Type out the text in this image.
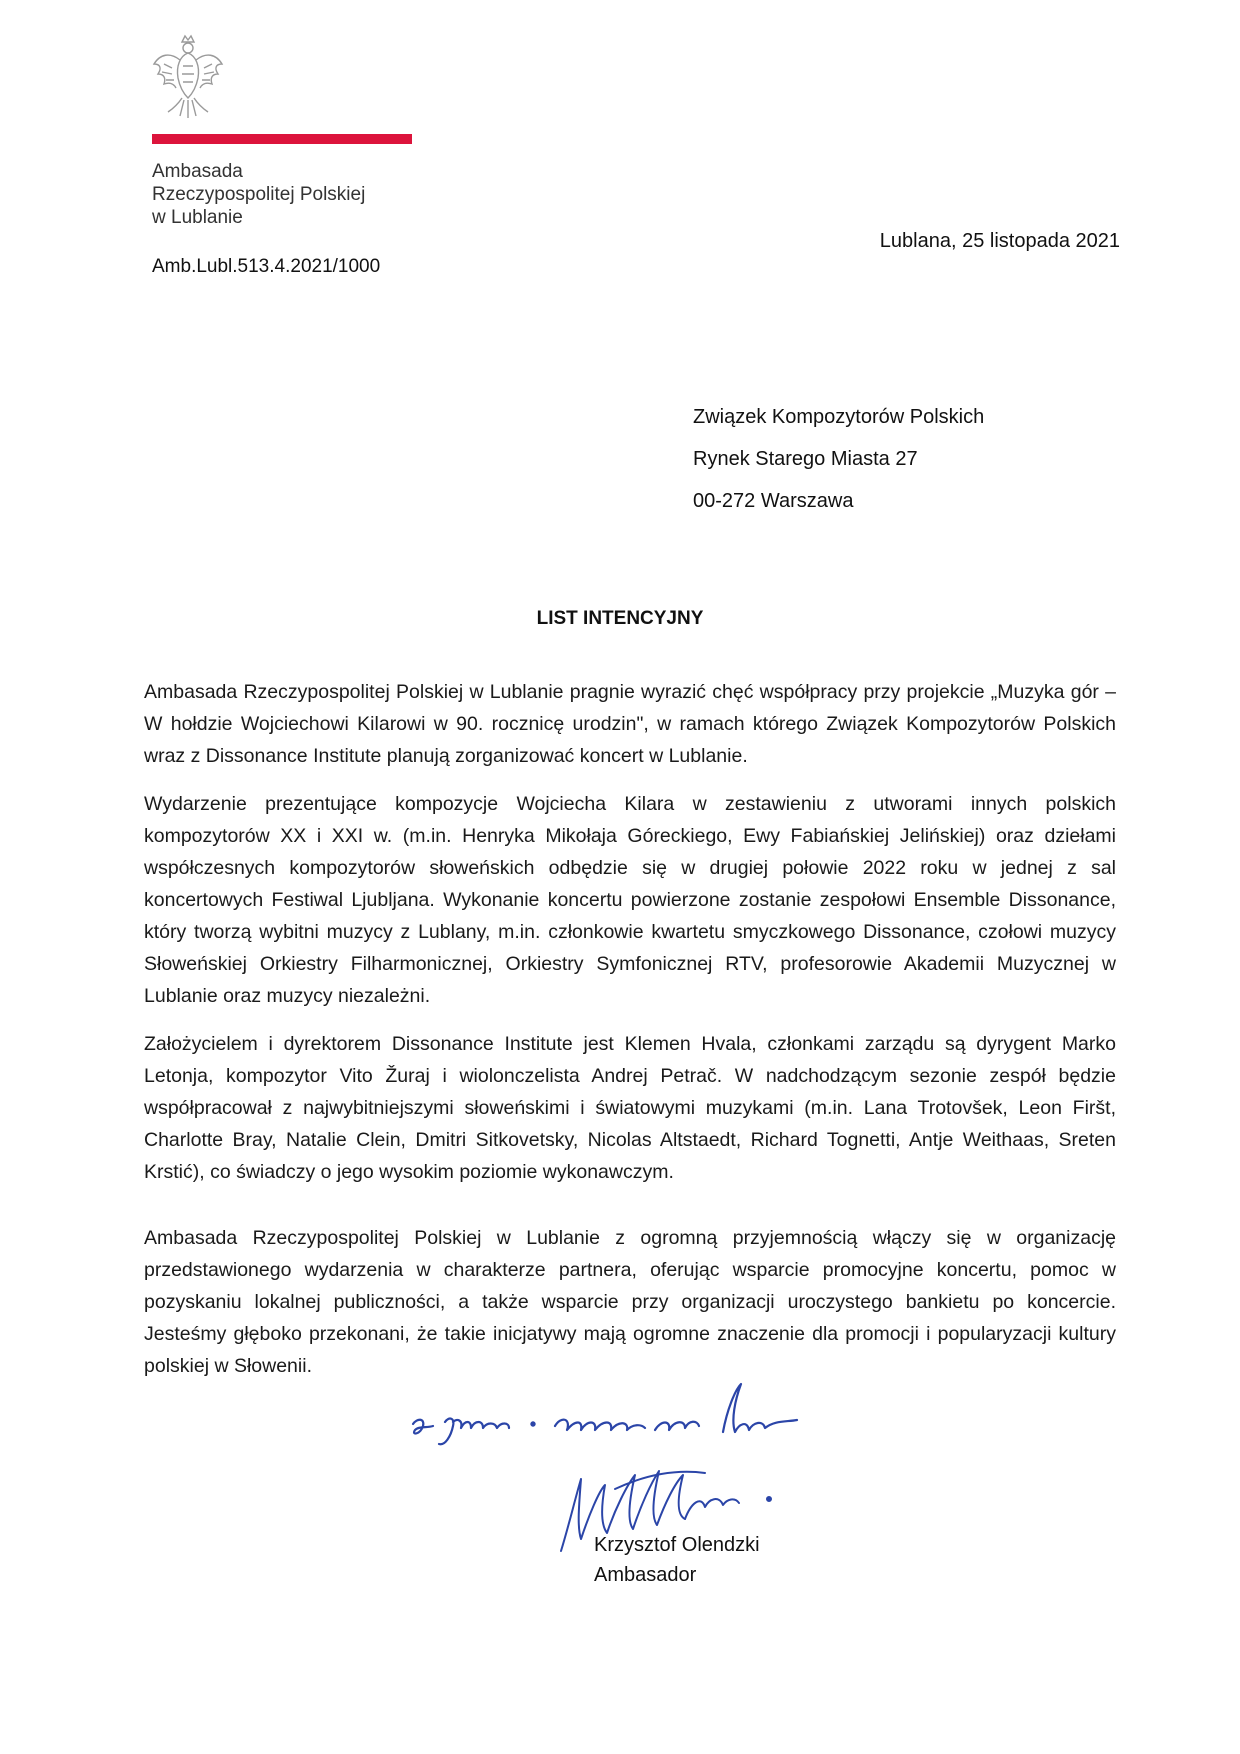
Ambasada
Rzeczypospolitej Polskiej
w Lublanie
Lublana, 25 listopada 2021
Amb.Lubl.513.4.2021/1000
Związek Kompozytorów Polskich
Rynek Starego Miasta 27
00-272 Warszawa
LIST INTENCYJNY

Ambasada Rzeczypospolitej Polskiej w Lublanie pragnie wyrazić chęć współpracy przy projekcie „Muzyka gór – W hołdzie Wojciechowi Kilarowi w 90. rocznicę urodzin", w ramach którego Związek Kompozytorów Polskich wraz z Dissonance Institute planują zorganizować koncert w Lublanie.

Wydarzenie prezentujące kompozycje Wojciecha Kilara w zestawieniu z utworami innych polskich kompozytorów XX i XXI w. (m.in. Henryka Mikołaja Góreckiego, Ewy Fabiańskiej Jelińskiej) oraz dziełami współczesnych kompozytorów słoweńskich odbędzie się w drugiej połowie 2022 roku w jednej z sal koncertowych Festiwal Ljubljana. Wykonanie koncertu powierzone zostanie zespołowi Ensemble Dissonance, który tworzą wybitni muzycy z Lublany, m.in. członkowie kwartetu smyczkowego Dissonance, czołowi muzycy Słoweńskiej Orkiestry Filharmonicznej, Orkiestry Symfonicznej RTV, profesorowie Akademii Muzycznej w Lublanie oraz muzycy niezależni.

Założycielem i dyrektorem Dissonance Institute jest Klemen Hvala, członkami zarządu są dyrygent Marko Letonja, kompozytor Vito Žuraj i wiolonczelista Andrej Petrač. W nadchodzącym sezonie zespół będzie współpracował z najwybitniejszymi słoweńskimi i światowymi muzykami (m.in. Lana Trotovšek, Leon Firšt, Charlotte Bray, Natalie Clein, Dmitri Sitkovetsky, Nicolas Altstaedt, Richard Tognetti, Antje Weithaas, Sreten Krstić), co świadczy o jego wysokim poziomie wykonawczym.

Ambasada Rzeczypospolitej Polskiej w Lublanie z ogromną przyjemnością włączy się w organizację przedstawionego wydarzenia w charakterze partnera, oferując wsparcie promocyjne koncertu, pomoc w pozyskaniu lokalnej publiczności, a także wsparcie przy organizacji uroczystego bankietu po koncercie. Jesteśmy głęboko przekonani, że takie inicjatywy mają ogromne znaczenie dla promocji i popularyzacji kultury polskiej w Słowenii.

Krzysztof Olendzki
Ambasador
